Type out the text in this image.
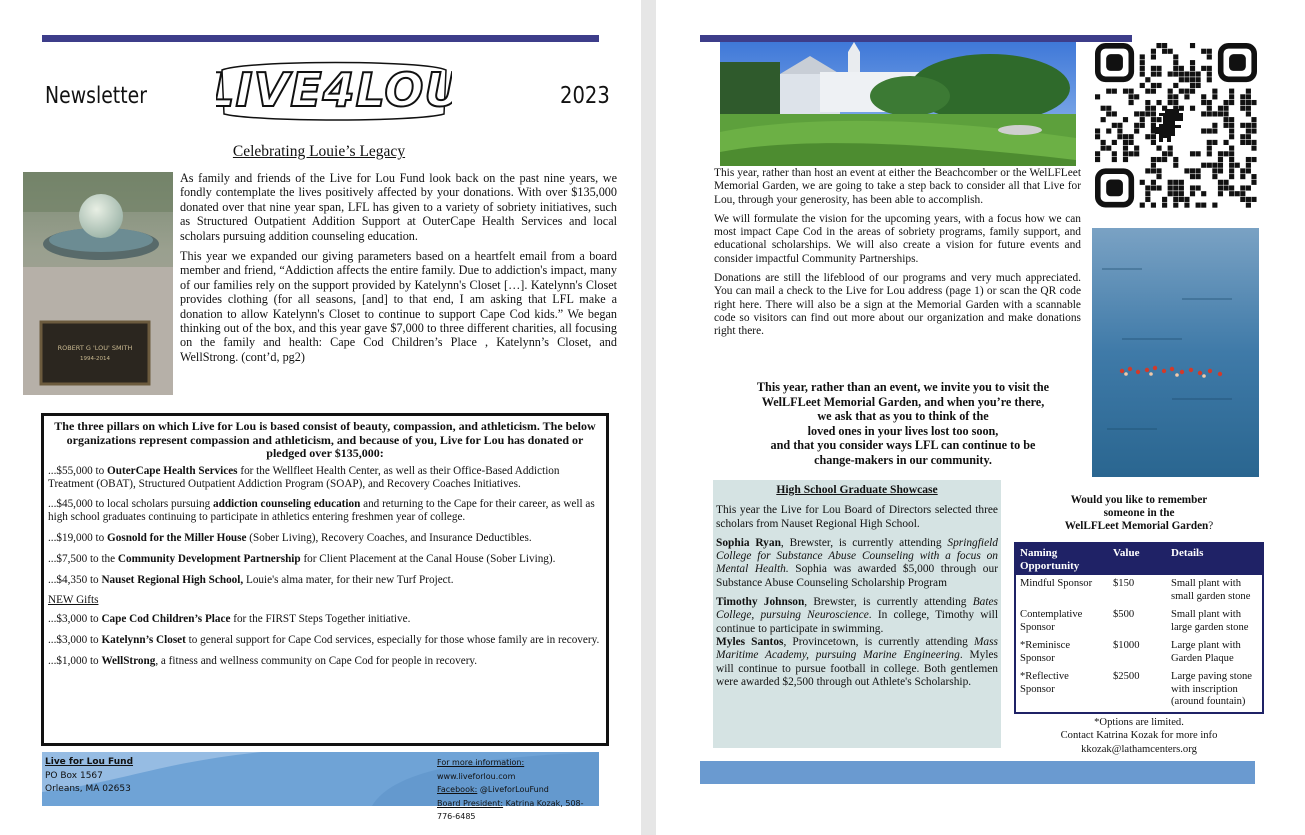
Newsletter LIVE4LOU	2023
Celebrating Louie’s Legacy
ROBERT G 'LOU' SMITH
1994-2014

As family and friends of the Live for Lou Fund look back on the past nine years, we fondly contemplate the lives positively affected by your donations. With over $135,000 donated over that nine year span, LFL has given to a variety of sobriety initiatives, such as Structured Outpatient Addition Support at OuterCape Health Services and local scholars pursuing addition counseling education.

This year we expanded our giving parameters based on a heartfelt email from a board member and friend, “Addiction affects the entire family. Due to addiction's impact, many of our families rely on the support provided by Katelynn's Closet […]. Katelynn's Closet provides clothing (for all seasons, [and] to that end, I am asking that LFL make a donation to allow Katelynn's Closet to continue to support Cape Cod kids.” We began thinking out of the box, and this year gave $7,000 to three different charities, all focusing on the family and health: Cape Cod Children’s Place , Katelynn’s Closet, and WellStrong. (cont’d, pg2)

The three pillars on which Live for Lou is based consist of beauty, compassion, and athleticism. The below organizations represent compassion and athleticism, and because of you, Live for Lou has donated or pledged over $135,000:
...$55,000 to OuterCape Health Services for the Wellfleet Health Center, as well as their Office-Based Addiction Treatment (OBAT), Structured Outpatient Addiction Program (SOAP), and Recovery Coaches Initiatives.
...$45,000 to local scholars pursuing addiction counseling education and returning to the Cape for their career, as well as high school graduates continuing to participate in athletics entering freshmen year of college.
...$19,000 to Gosnold for the Miller House (Sober Living), Recovery Coaches, and Insurance Deductibles.
...$7,500 to the Community Development Partnership for Client Placement at the Canal House (Sober Living).
...$4,350 to Nauset Regional High School, Louie's alma mater, for their new Turf Project.
NEW Gifts
...$3,000 to Cape Cod Children’s Place for the FIRST Steps Together initiative.
...$3,000 to Katelynn’s Closet to general support for Cape Cod services, especially for those whose family are in recovery.
...$1,000 to WellStrong, a fitness and wellness community on Cape Cod for people in recovery.
Live for Lou Fund
PO Box 1567
Orleans, MA 02653
For more information: www.liveforlou.com
Facebook: @LiveforLouFund
Board President: Katrina Kozak, 508-776-6485

This year, rather than host an event at either the Beachcomber or the WelLFLeet Memorial Garden, we are going to take a step back to consider all that Live for Lou, through your generosity, has been able to accomplish.

We will formulate the vision for the upcoming years, with a focus how we can most impact Cape Cod in the areas of sobriety programs, family support, and educational scholarships. We will also create a vision for future events and consider impactful Community Partnerships.

Donations are still the lifeblood of our programs and very much appreciated. You can mail a check to the Live for Lou address (page 1) or scan the QR code right here. There will also be a sign at the Memorial Garden with a scannable code so visitors can find out more about our organization and make donations right there.

This year, rather than an event, we invite you to visit the
WelLFLeet Memorial Garden, and when you’re there,
we ask that as you to think of the
loved ones in your lives lost too soon,
and that you consider ways LFL can continue to be
change-makers in our community.
High School Graduate Showcase

This year the Live for Lou Board of Directors selected three scholars from Nauset Regional High School.

Sophia Ryan, Brewster, is currently attending Springfield College for Substance Abuse Counseling with a focus on Mental Health. Sophia was awarded $5,000 through our Substance Abuse Counseling Scholarship Program

Timothy Johnson, Brewster, is currently attending Bates College, pursuing Neuroscience. In college, Timothy will continue to participate in swimming.

Myles Santos, Provincetown, is currently attending Mass Maritime Academy, pursuing Marine Engineering. Myles will continue to pursue football in college. Both gentlemen were awarded $2,500 through out Athlete's Scholarship.

Would you like to remember
someone in the
WelLFLeet Memorial Garden?
Naming Opportunity	Value	Details
Mindful Sponsor	$150	Small plant with small garden stone
Contemplative Sponsor	$500	Small plant with large garden stone
*Reminisce Sponsor	$1000	Large plant with Garden Plaque
*Reflective Sponsor	$2500	Large paving stone with inscription (around fountain)
*Options are limited.
Contact Katrina Kozak for more info
kkozak@lathamcenters.org
